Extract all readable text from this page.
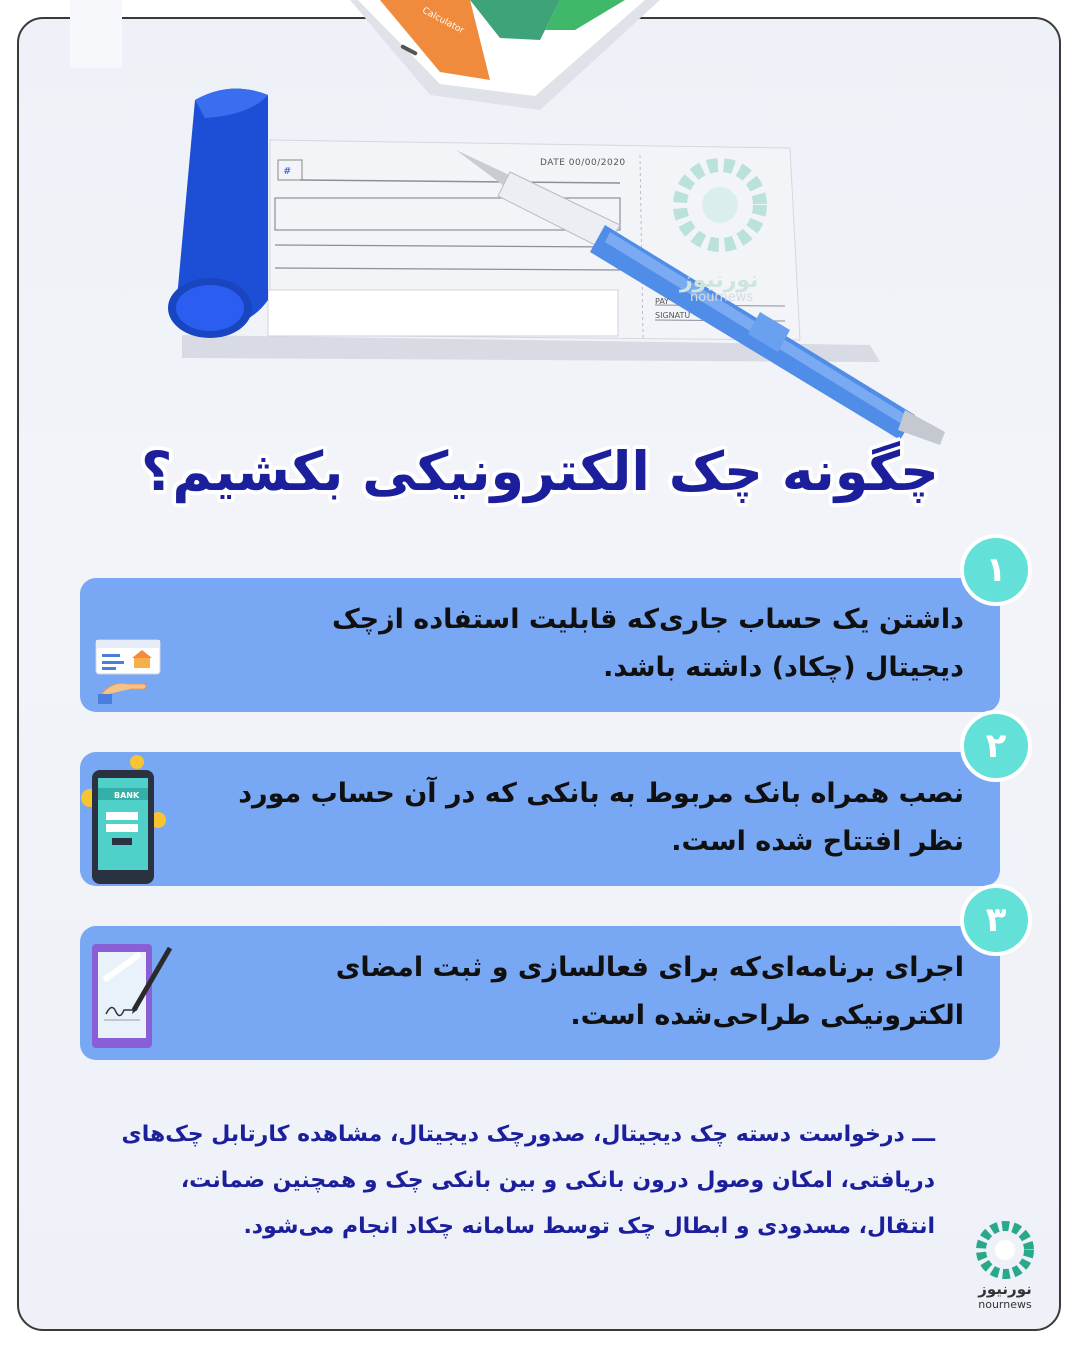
#
DATE 00/00/2020
PAY
SIGNATU
نورنیوز
nournews
Calculator
چگونه چک الکترونیکی بکشیم؟
داشتن یک حساب جاری‌که قابلیت استفاده ازچک دیجیتال (چکاد) داشته باشد.
۱
نصب همراه بانک مربوط به بانکی که در آن حساب مورد نظر افتتاح شده است.
BANK
۲
اجرای برنامه‌ای‌که برای فعالسازی و ثبت امضای الکترونیکی طراحی‌شده است.
۳
ـــ درخواست دسته چک دیجیتال، صدورچک دیجیتال، مشاهده کارتابل چک‌های دریافتی، امکان وصول درون بانکی و بین بانکی چک و همچنین ضمانت، انتقال، مسدودی و ابطال چک توسط سامانه چکاد انجام می‌شود.
نورنیوز
nournews
